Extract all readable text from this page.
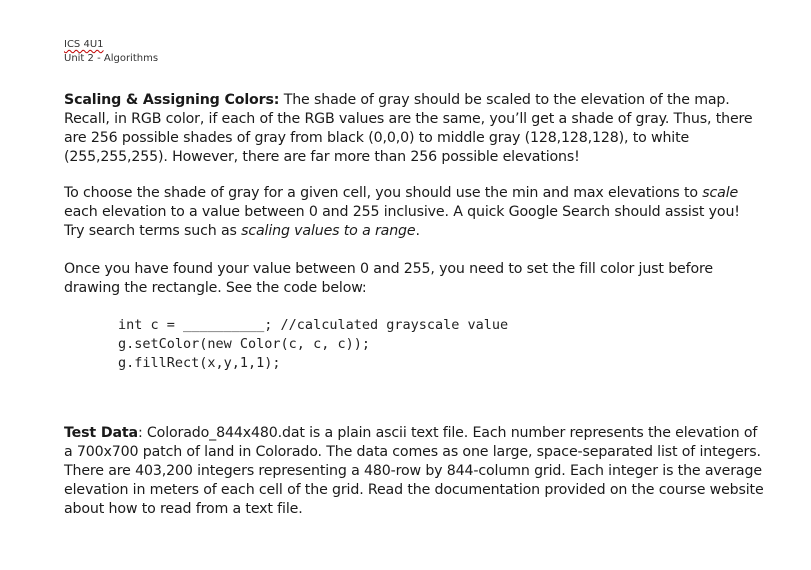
ICS 4U1
Unit 2 - Algorithms
Scaling & Assigning Colors: The shade of gray should be scaled to the elevation of the map. Recall, in RGB color, if each of the RGB values are the same, you’ll get a shade of gray. Thus, there are 256 possible shades of gray from black (0,0,0) to middle gray (128,128,128), to white (255,255,255). However, there are far more than 256 possible elevations!
To choose the shade of gray for a given cell, you should use the min and max elevations to scale each elevation to a value between 0 and 255 inclusive. A quick Google Search should assist you! Try search terms such as scaling values to a range.
Once you have found your value between 0 and 255, you need to set the fill color just before drawing the rectangle. See the code below:
int c = __________; //calculated grayscale value
g.setColor(new Color(c, c, c));
g.fillRect(x,y,1,1);
Test Data: Colorado_844x480.dat is a plain ascii text file. Each number represents the elevation of a 700x700 patch of land in Colorado. The data comes as one large, space-separated list of integers. There are 403,200 integers representing a 480-row by 844-column grid. Each integer is the average elevation in meters of each cell of the grid. Read the documentation provided on the course website about how to read from a text file.
